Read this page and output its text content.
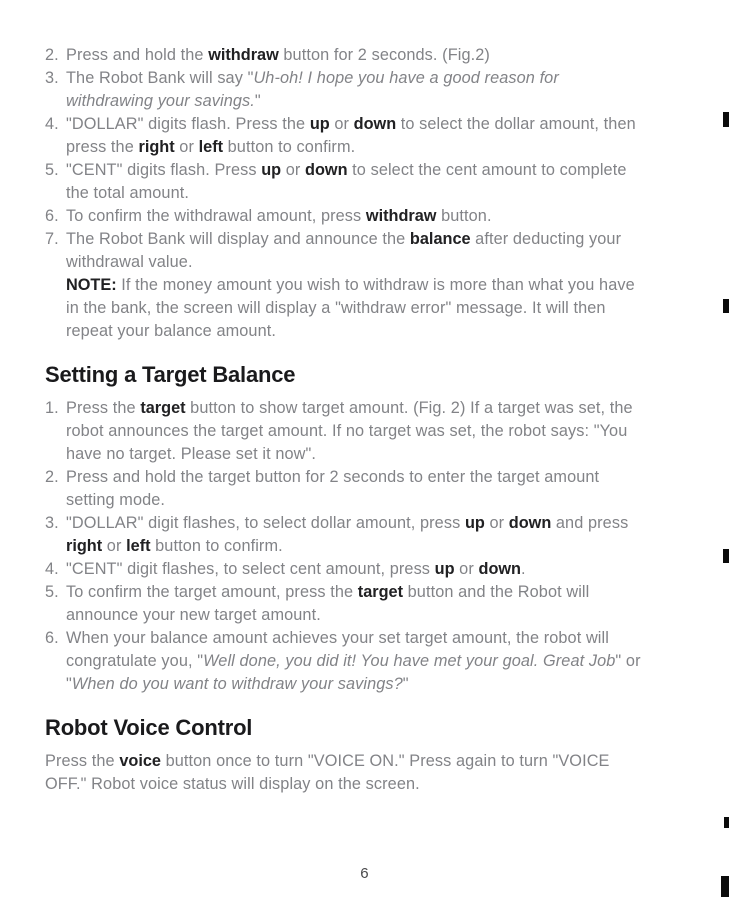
Press and hold the withdraw button for 2 seconds. (Fig.2)
The Robot Bank will say "Uh-oh! I hope you have a good reason for
withdrawing your savings."
"DOLLAR" digits flash. Press the up or down to select the dollar amount, then
press the right or left button to confirm.
"CENT" digits flash. Press up or down to select the cent amount to complete
the total amount.
To confirm the withdrawal amount, press withdraw button.
The Robot Bank will display and announce the balance after deducting your
withdrawal value.
NOTE: If the money amount you wish to withdraw is more than what you have
in the bank, the screen will display a "withdraw error" message. It will then
repeat your balance amount.
Setting a Target Balance
Press the target button to show target amount. (Fig. 2) If a target was set, the
robot announces the target amount. If no target was set, the robot says: "You
have no target. Please set it now".
Press and hold the target button for 2 seconds to enter the target amount
setting mode.
"DOLLAR" digit flashes, to select dollar amount, press up or down and press
right or left button to confirm.
"CENT" digit flashes, to select cent amount, press up or down.
To confirm the target amount, press the target button and the Robot will
announce your new target amount.
When your balance amount achieves your set target amount, the robot will
congratulate you, "Well done, you did it! You have met your goal. Great Job" or
"When do you want to withdraw your savings?"
Robot Voice Control

Press the voice button once to turn "VOICE ON." Press again to turn "VOICE
OFF." Robot voice status will display on the screen.

6
